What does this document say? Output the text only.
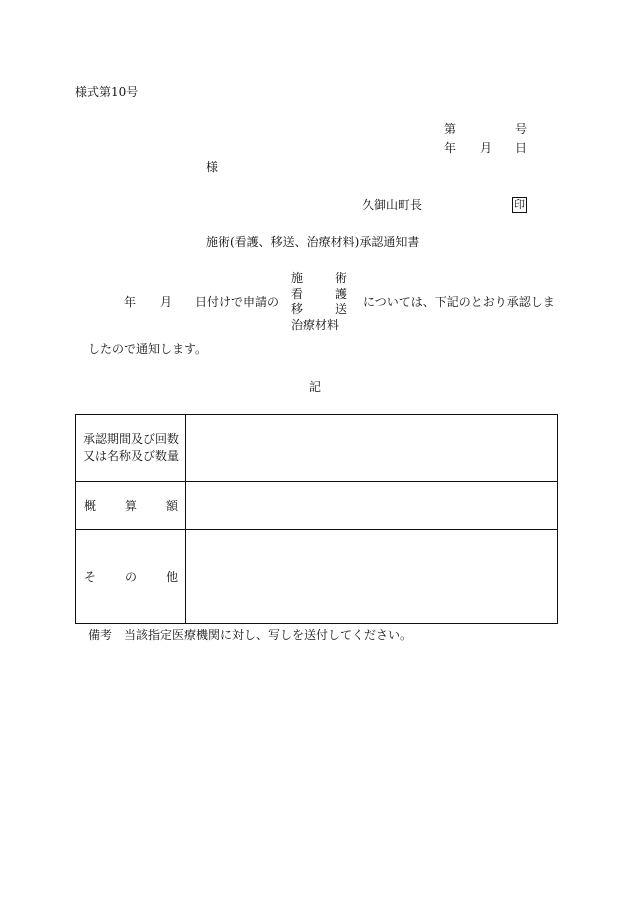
様式第10号
第	号
年 月 日
様
久御山町長	印
施術(看護、移送、治療材料)承認通知書
年 月 日付けで申請の
施	術
看	護
移	送
治療材料
については、下記のとおり承認しま
したので通知します。
記
承認期間及び回数
又は名称及び数量	

概 算 額	

そ の 他	

備考 当該指定医療機関に対し、写しを送付してください。
